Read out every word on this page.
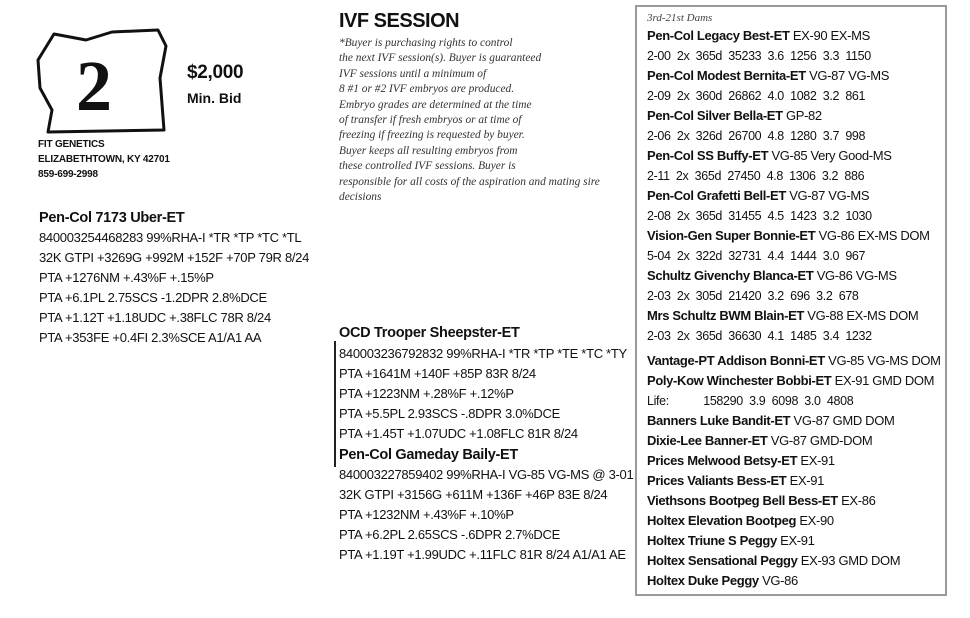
2	$2,000
Min. Bid
FIT GENETICS
ELIZABETHTOWN, KY 42701
859-699-2998
Pen-Col 7173 Uber-ET
840003254468283 99%RHA-I *TR *TP *TC *TL
32K GTPI +3269G +992M +152F +70P 79R 8/24
PTA +1276NM +.43%F +.15%P
PTA +6.1PL 2.75SCS -1.2DPR 2.8%DCE
PTA +1.12T +1.18UDC +.38FLC 78R 8/24
PTA +353FE +0.4FI 2.3%SCE A1/A1 AA
IVF SESSION
*Buyer is purchasing rights to control
the next IVF session(s). Buyer is guaranteed
IVF sessions until a minimum of
8 #1 or #2 IVF embryos are produced.
Embryo grades are determined at the time
of transfer if fresh embryos or at time of
freezing if freezing is requested by buyer.
Buyer keeps all resulting embryos from
these controlled IVF sessions. Buyer is
responsible for all costs of the aspiration and mating sire
decisions
OCD Trooper Sheepster-ET
840003236792832 99%RHA-I *TR *TP *TE *TC *TY
PTA +1641M +140F +85P 83R 8/24
PTA +1223NM +.28%F +.12%P
PTA +5.5PL 2.93SCS -.8DPR 3.0%DCE
PTA +1.45T +1.07UDC +1.08FLC 81R 8/24
Pen-Col Gameday Baily-ET
840003227859402 99%RHA-I VG-85 VG-MS @ 3-01
32K GTPI +3156G +611M +136F +46P 83E 8/24
PTA +1232NM +.43%F +.10%P
PTA +6.2PL 2.65SCS -.6DPR 2.7%DCE
PTA +1.19T +1.99UDC +.11FLC 81R 8/24 A1/A1 AE
3rd-21st Dams
Pen-Col Legacy Best-ET EX-90 EX-MS
2-00  2x  365d  35233  3.6  1256  3.3  1150
Pen-Col Modest Bernita-ET VG-87 VG-MS
2-09  2x  360d  26862  4.0  1082  3.2  861
Pen-Col Silver Bella-ET GP-82
2-06  2x  326d  26700  4.8  1280  3.7  998
Pen-Col SS Buffy-ET VG-85 Very Good-MS
2-11  2x  365d  27450  4.8  1306  3.2  886
Pen-Col Grafetti Bell-ET VG-87 VG-MS
2-08  2x  365d  31455  4.5  1423  3.2  1030
Vision-Gen Super Bonnie-ET VG-86 EX-MS DOM
5-04  2x  322d  32731  4.4  1444  3.0  967
Schultz Givenchy Blanca-ET VG-86 VG-MS
2-03  2x  305d  21420  3.2  696  3.2  678
Mrs Schultz BWM Blain-ET VG-88 EX-MS DOM
2-03  2x  365d  36630  4.1  1485  3.4  1232
Vantage-PT Addison Bonni-ET VG-85 VG-MS DOM
Poly-Kow Winchester Bobbi-ET EX-91 GMD DOM
Life:           158290  3.9  6098  3.0  4808
Banners Luke Bandit-ET VG-87 GMD DOM
Dixie-Lee Banner-ET VG-87 GMD-DOM
Prices Melwood Betsy-ET EX-91
Prices Valiants Bess-ET EX-91
Viethsons Bootpeg Bell Bess-ET EX-86
Holtex Elevation Bootpeg EX-90
Holtex Triune S Peggy EX-91
Holtex Sensational Peggy EX-93 GMD DOM
Holtex Duke Peggy VG-86
